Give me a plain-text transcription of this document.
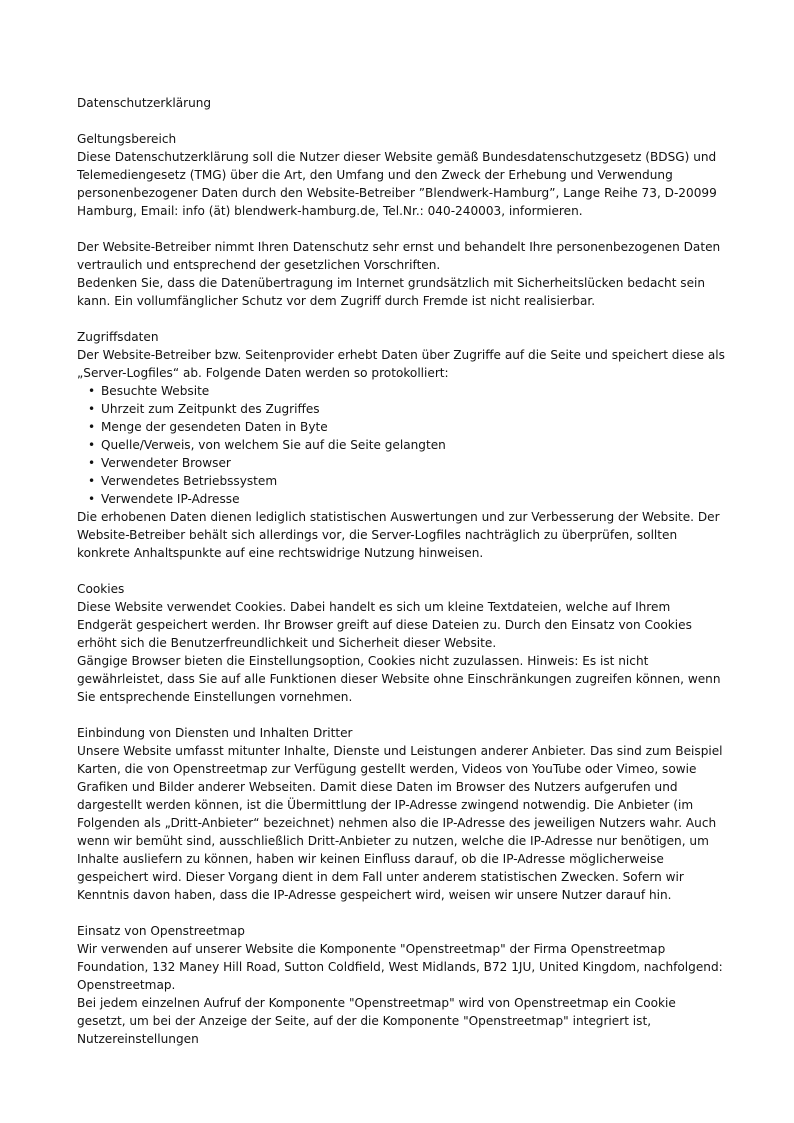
Datenschutzerklärung

Geltungsbereich

Diese Datenschutzerklärung soll die Nutzer dieser Website gemäß Bundesdatenschutzgesetz (BDSG) und Telemediengesetz (TMG) über die Art, den Umfang und den Zweck der Erhebung und Verwendung personenbezogener Daten durch den Website-Betreiber ”Blendwerk-Hamburg”, Lange Reihe 73, D-20099 Hamburg, Email: info (ät) blendwerk-hamburg.de, Tel.Nr.: 040-240003, informieren.

Der Website-Betreiber nimmt Ihren Datenschutz sehr ernst und behandelt Ihre personenbezogenen Daten vertraulich und entsprechend der gesetzlichen Vorschriften.

Bedenken Sie, dass die Datenübertragung im Internet grundsätzlich mit Sicherheitslücken bedacht sein kann. Ein vollumfänglicher Schutz vor dem Zugriff durch Fremde ist nicht realisierbar.

Zugriffsdaten

Der Website-Betreiber bzw. Seitenprovider erhebt Daten über Zugriffe auf die Seite und speichert diese als „Server-Logfiles“ ab. Folgende Daten werden so protokolliert:

• Besuchte Website
• Uhrzeit zum Zeitpunkt des Zugriffes
• Menge der gesendeten Daten in Byte
• Quelle/Verweis, von welchem Sie auf die Seite gelangten
• Verwendeter Browser
• Verwendetes Betriebssystem
• Verwendete IP-Adresse

Die erhobenen Daten dienen lediglich statistischen Auswertungen und zur Verbesserung der Website. Der Website-Betreiber behält sich allerdings vor, die Server-Logfiles nachträglich zu überprüfen, sollten konkrete Anhaltspunkte auf eine rechtswidrige Nutzung hinweisen.

Cookies

Diese Website verwendet Cookies. Dabei handelt es sich um kleine Textdateien, welche auf Ihrem Endgerät gespeichert werden. Ihr Browser greift auf diese Dateien zu. Durch den Einsatz von Cookies erhöht sich die Benutzerfreundlichkeit und Sicherheit dieser Website.

Gängige Browser bieten die Einstellungsoption, Cookies nicht zuzulassen. Hinweis: Es ist nicht gewährleistet, dass Sie auf alle Funktionen dieser Website ohne Einschränkungen zugreifen können, wenn Sie entsprechende Einstellungen vornehmen.

Einbindung von Diensten und Inhalten Dritter

Unsere Website umfasst mitunter Inhalte, Dienste und Leistungen anderer Anbieter. Das sind zum Beispiel Karten, die von Openstreetmap zur Verfügung gestellt werden, Videos von YouTube oder Vimeo, sowie Grafiken und Bilder anderer Webseiten. Damit diese Daten im Browser des Nutzers aufgerufen und dargestellt werden können, ist die Übermittlung der IP-Adresse zwingend notwendig. Die Anbieter (im Folgenden als „Dritt-Anbieter“ bezeichnet) nehmen also die IP-Adresse des jeweiligen Nutzers wahr. Auch wenn wir bemüht sind, ausschließlich Dritt-Anbieter zu nutzen, welche die IP-Adresse nur benötigen, um Inhalte ausliefern zu können, haben wir keinen Einfluss darauf, ob die IP-Adresse möglicherweise gespeichert wird. Dieser Vorgang dient in dem Fall unter anderem statistischen Zwecken. Sofern wir Kenntnis davon haben, dass die IP-Adresse gespeichert wird, weisen wir unsere Nutzer darauf hin.

Einsatz von Openstreetmap

Wir verwenden auf unserer Website die Komponente "Openstreetmap" der Firma Openstreetmap Foundation, 132 Maney Hill Road, Sutton Coldfield, West Midlands, B72 1JU, United Kingdom, nachfolgend: Openstreetmap.

Bei jedem einzelnen Aufruf der Komponente "Openstreetmap" wird von Openstreetmap ein Cookie gesetzt, um bei der Anzeige der Seite, auf der die Komponente "Openstreetmap" integriert ist, Nutzereinstellungen
